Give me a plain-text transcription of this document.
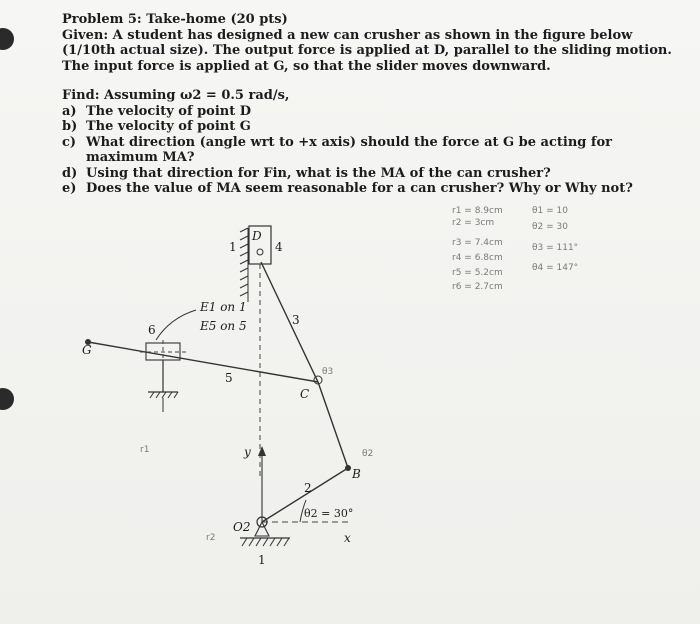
Problem 5: Take-home (20 pts)

Given: A student has designed a new can crusher as shown in the figure below (1/10th actual size). The output force is applied at D, parallel to the sliding motion. The input force is applied at G, so that the slider moves downward.

Find: Assuming ω2 = 0.5 rad/s,

a) The velocity of point D
b) The velocity of point G
c) What direction (angle wrt to +x axis) should the force at G be acting for maximum MA?
d) Using that direction for Fin, what is the MA of the can crusher?
e) Does the value of MA seem reasonable for a can crusher? Why or Why not?
D
1	4
3
6
G
E1 on 1
E5 on 5
5
C
y
2
B
θ2 = 30°
x
O2
1
r1 = 8.9cm
r2 = 3cm
r3 = 7.4cm
r4 = 6.8cm
r5 = 5.2cm
r6 = 2.7cm
θ1 = 10
θ2 = 30
θ3 = 111°
θ4 = 147°
θ3
θ2
r1
r2
